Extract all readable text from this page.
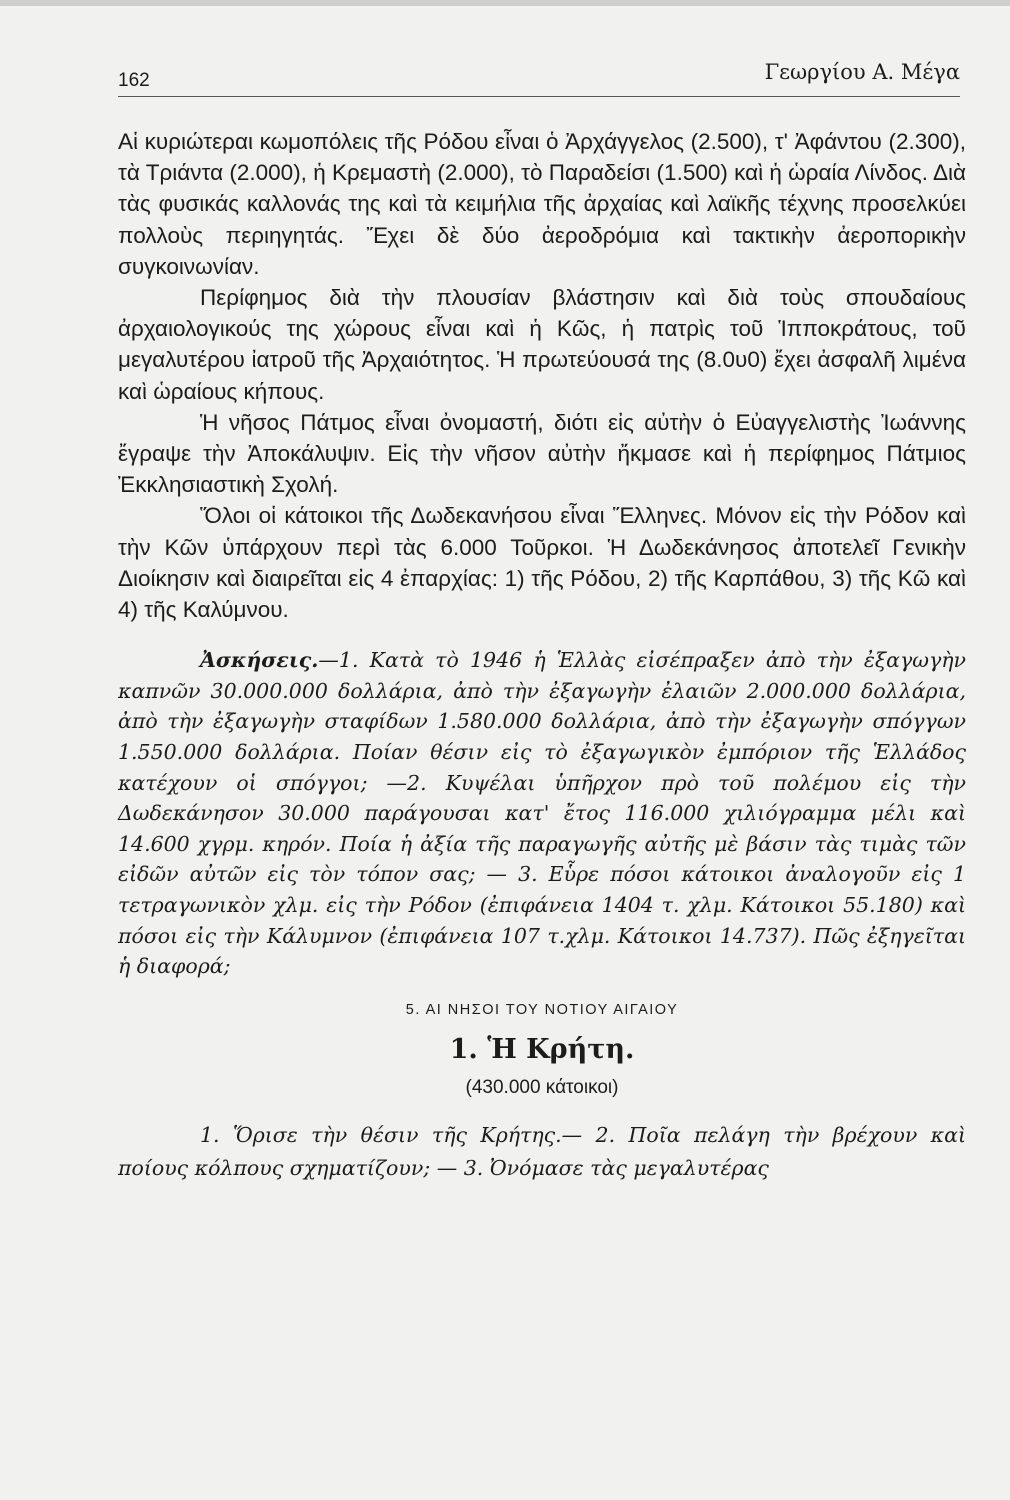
162	Γεωργίου Α. Μέγα

Αἱ κυριώτεραι κωμοπόλεις τῆς Ρόδου εἶναι ὁ Ἀρχάγγελος (2.500), τ' Ἀφάντου (2.300), τὰ Τριάντα (2.000), ἡ Κρεμαστὴ (2.000), τὸ Παραδείσι (1.500) καὶ ἡ ὡραία Λίνδος. Διὰ τὰς φυσικάς καλλονάς της καὶ τὰ κειμήλια τῆς ἀρχαίας καὶ λαϊκῆς τέχνης προσελκύει πολλοὺς περιηγητάς. Ἔχει δὲ δύο ἀεροδρόμια καὶ τακτικὴν ἀεροπορικὴν συγκοινωνίαν.

Περίφημος διὰ τὴν πλουσίαν βλάστησιν καὶ διὰ τοὺς σπουδαίους ἀρχαιολογικούς της χώρους εἶναι καὶ ἡ Κῶς, ἡ πατρὶς τοῦ Ἱπποκράτους, τοῦ μεγαλυτέρου ἰατροῦ τῆς Ἀρχαιότητος. Ἡ πρωτεύουσά της (8.0υ0) ἔχει ἀσφαλῆ λιμένα καὶ ὡραίους κήπους.

Ἡ νῆσος Πάτμος εἶναι ὀνομαστή, διότι εἰς αὐτὴν ὁ Εὐαγγελιστὴς Ἰωάννης ἔγραψε τὴν Ἀποκάλυψιν. Εἰς τὴν νῆσον αὐτὴν ἤκμασε καὶ ἡ περίφημος Πάτμιος Ἐκκλησιαστικὴ Σχολή.

Ὅλοι οἱ κάτοικοι τῆς Δωδεκανήσου εἶναι Ἕλληνες. Μόνον εἰς τὴν Ρόδον καὶ τὴν Κῶν ὑπάρχουν περὶ τὰς 6.000 Τοῦρκοι. Ἡ Δωδεκάνησος ἀποτελεῖ Γενικὴν Διοίκησιν καὶ διαιρεῖται εἰς 4 ἐπαρχίας: 1) τῆς Ρόδου, 2) τῆς Καρπάθου, 3) τῆς Κῶ καὶ 4) τῆς Καλύμνου.

Ἀσκήσεις.—1. Κατὰ τὸ 1946 ἡ Ἑλλὰς εἰσέπραξεν ἀπὸ τὴν ἐξαγωγὴν καπνῶν 30.000.000 δολλάρια, ἀπὸ τὴν ἐξαγωγὴν ἐλαιῶν 2.000.000 δολλάρια, ἀπὸ τὴν ἐξαγωγὴν σταφίδων 1.580.000 δολλάρια, ἀπὸ τὴν ἐξαγωγὴν σπόγγων 1.550.000 δολλάρια. Ποίαν θέσιν εἰς τὸ ἐξαγωγικὸν ἐμπόριον τῆς Ἑλλάδος κατέχουν οἱ σπόγγοι; —2. Κυψέλαι ὑπῆρχον πρὸ τοῦ πολέμου εἰς τὴν Δωδεκάνησον 30.000 παράγουσαι κατ' ἔτος 116.000 χιλιόγραμμα μέλι καὶ 14.600 χγρμ. κηρόν. Ποία ἡ ἀξία τῆς παραγωγῆς αὐτῆς μὲ βάσιν τὰς τιμὰς τῶν εἰδῶν αὐτῶν εἰς τὸν τόπον σας; — 3. Εὗρε πόσοι κάτοικοι ἀναλογοῦν εἰς 1 τετραγωνικὸν χλμ. εἰς τὴν Ρόδον (ἐπιφάνεια 1404 τ. χλμ. Κάτοικοι 55.180) καὶ πόσοι εἰς τὴν Κάλυμνον (ἐπιφάνεια 107 τ.χλμ. Κάτοικοι 14.737). Πῶς ἐξηγεῖται ἡ διαφορά;

5. ΑΙ ΝΗΣΟΙ ΤΟΥ ΝΟΤΙΟΥ ΑΙΓΑΙΟΥ
1. Ἡ Κρήτη.
(430.000 κάτοικοι)

1. Ὅρισε τὴν θέσιν τῆς Κρήτης.— 2. Ποῖα πελάγη τὴν βρέχουν καὶ ποίους κόλπους σχηματίζουν; — 3. Ὀνόμασε τὰς μεγαλυτέρας
